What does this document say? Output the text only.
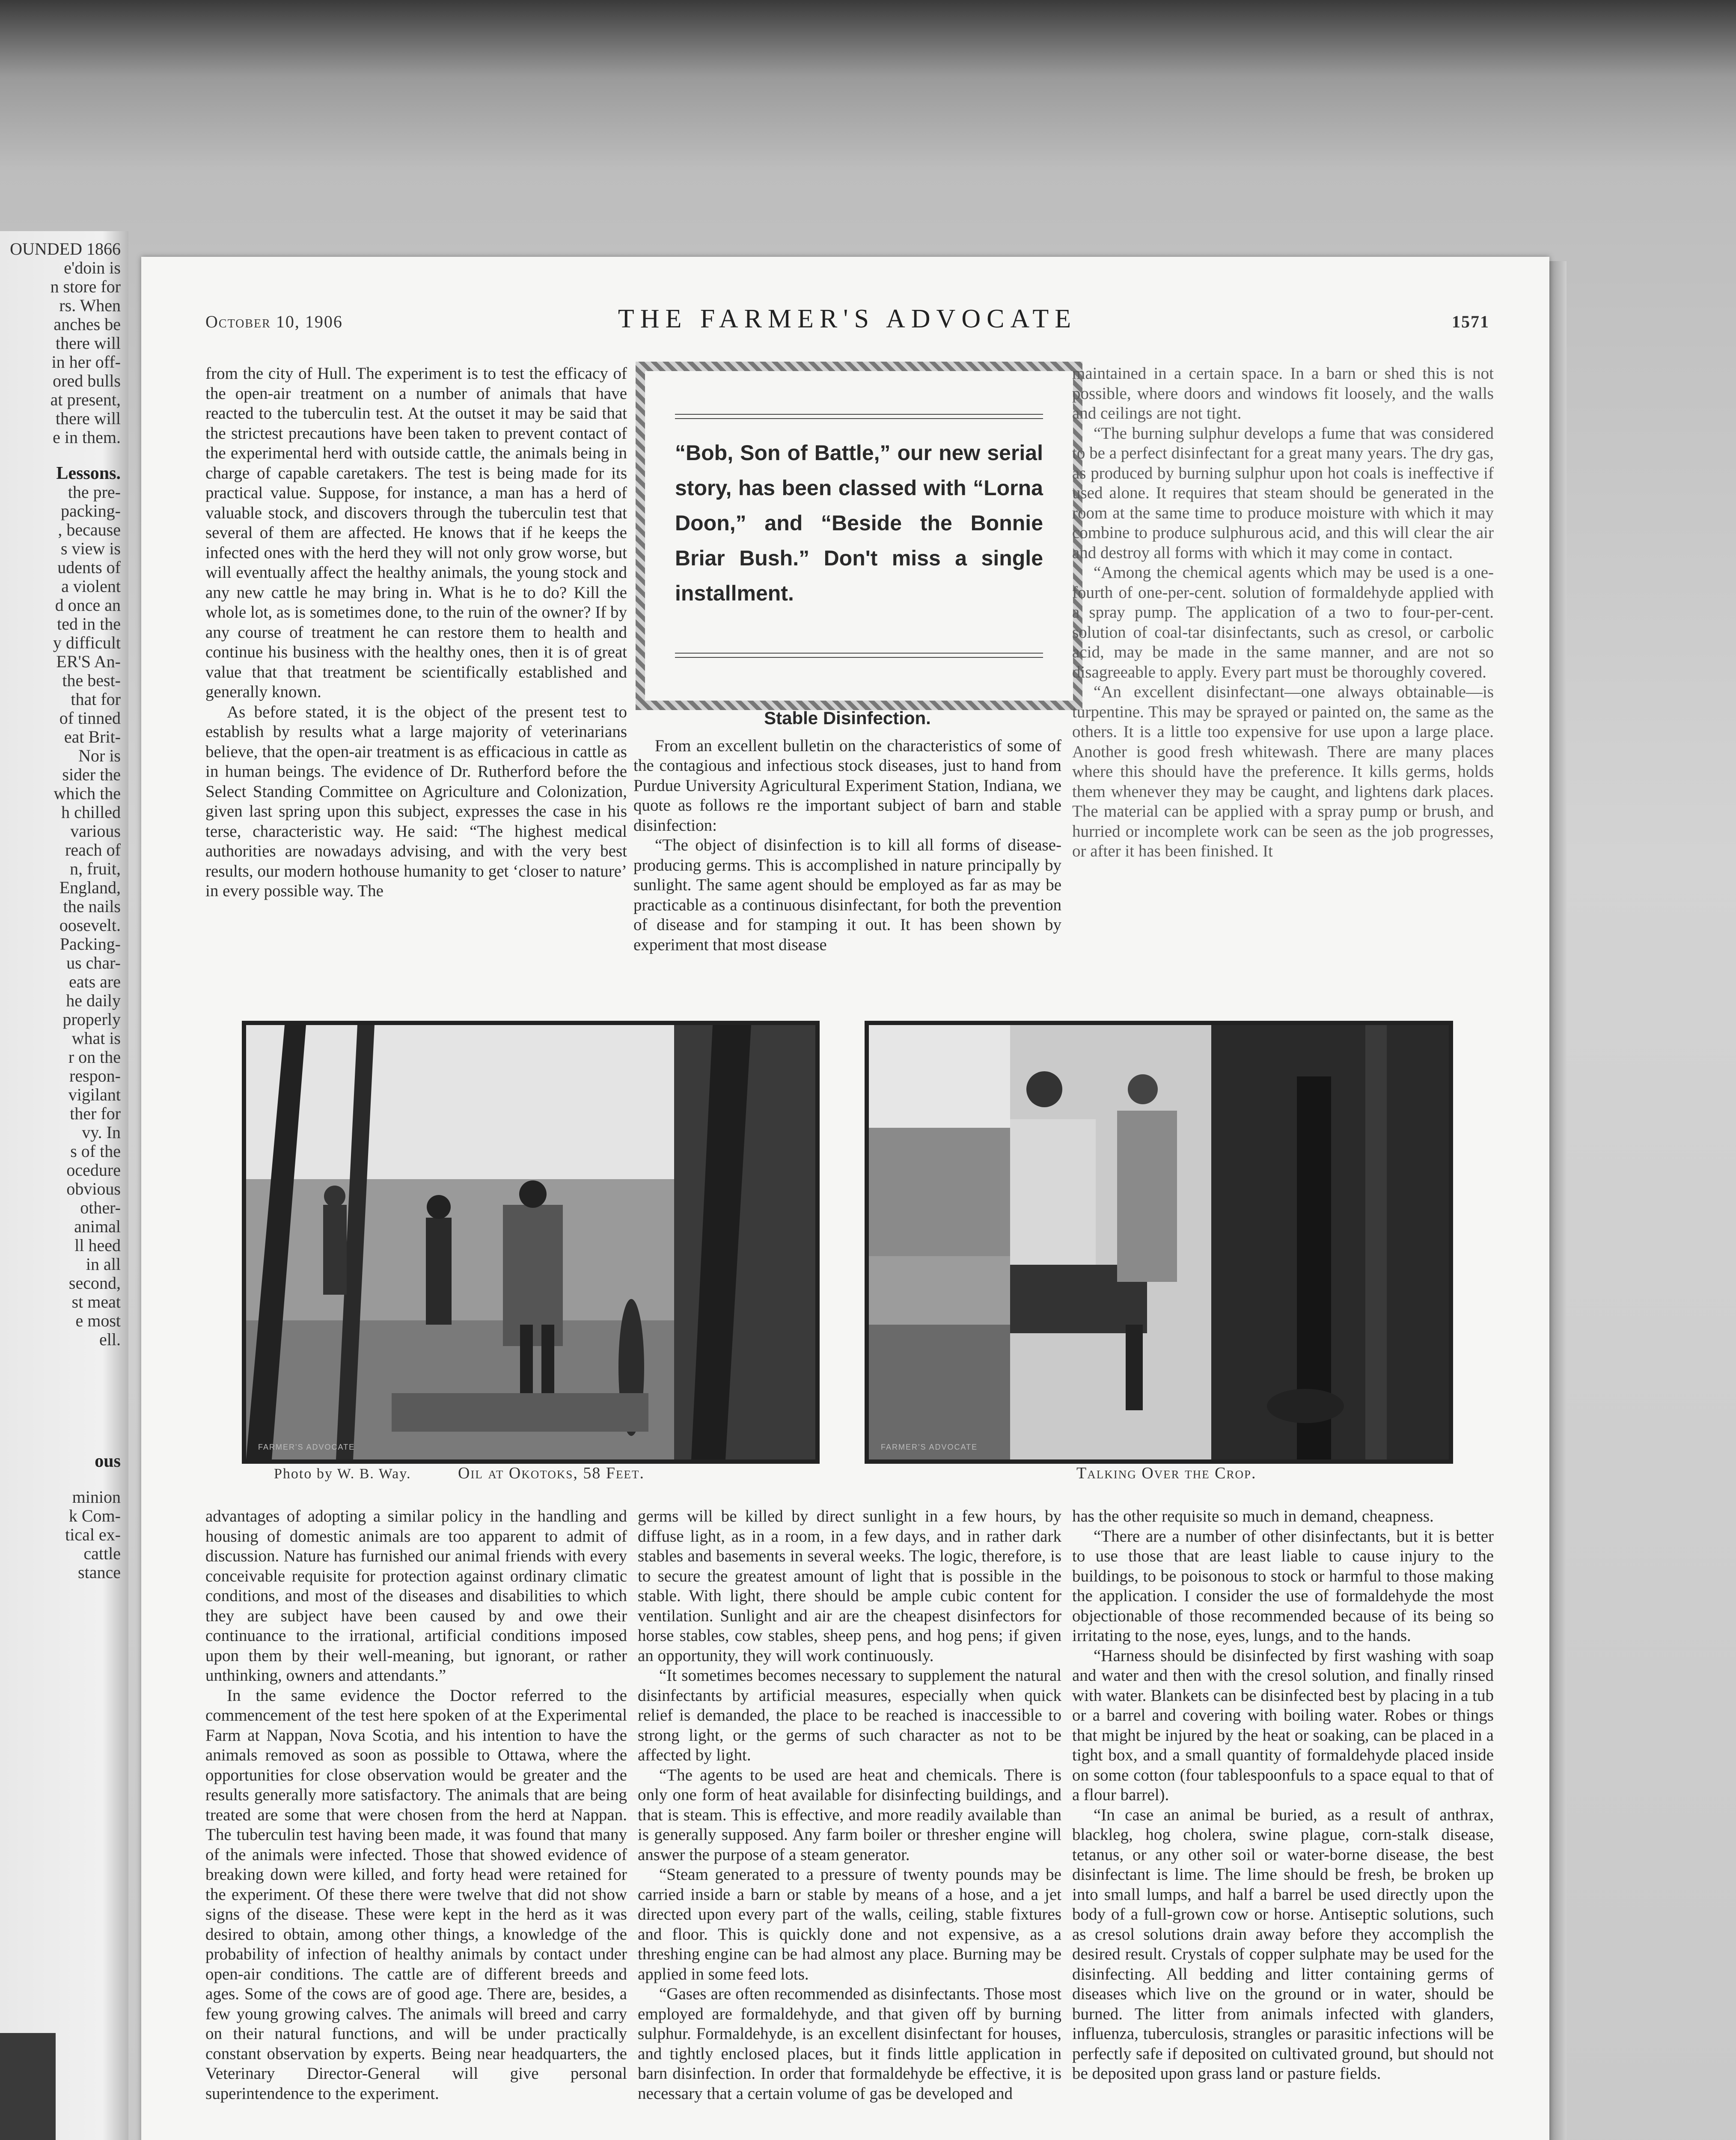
OUNDED 1866
e'doin is
n store for
rs. When
anches be
there will
in her off-
ored bulls
at present,
there will
e in them.
Lessons.
the pre-
packing-
, because
s view is
udents of
a violent
d once an
ted in the
y difficult
ER'S An-
the best-
that for
of tinned
eat Brit-
Nor is
sider the
which the
h chilled
various
reach of
n, fruit,
England,
the nails
oosevelt.
Packing-
us char-
eats are
he daily
properly
what is
r on the
respon-
vigilant
ther for
vy. In
s of the
ocedure
obvious
other-
animal
ll heed
in all
second,
st meat
e most
ell.
ous
minion
k Com-
tical ex-
cattle
stance
October 10, 1906	THE FARMER'S ADVOCATE	1571

from the city of Hull. The experiment is to test the efficacy of the open-air treatment on a number of animals that have reacted to the tuberculin test. At the outset it may be said that the strictest precautions have been taken to prevent contact of the experimental herd with outside cattle, the animals being in charge of capable caretakers. The test is being made for its practical value. Suppose, for instance, a man has a herd of valuable stock, and discovers through the tuberculin test that several of them are affected. He knows that if he keeps the infected ones with the herd they will not only grow worse, but will eventually affect the healthy animals, the young stock and any new cattle he may bring in. What is he to do? Kill the whole lot, as is sometimes done, to the ruin of the owner? If by any course of treatment he can restore them to health and continue his business with the healthy ones, then it is of great value that that treatment be scientifically established and generally known.

As before stated, it is the object of the present test to establish by results what a large majority of veterinarians believe, that the open-air treatment is as efficacious in cattle as in human beings. The evidence of Dr. Rutherford before the Select Standing Committee on Agriculture and Colonization, given last spring upon this subject, expresses the case in his terse, characteristic way. He said: “The highest medical authorities are nowadays advising, and with the very best results, our modern hothouse humanity to get ‘closer to nature’ in every possible way. The

“Bob, Son of Battle,” our new serial story, has been classed with “Lorna Doon,” and “Beside the Bonnie Briar Bush.” Don't miss a single installment.
Stable Disinfection.

From an excellent bulletin on the characteristics of some of the contagious and infectious stock diseases, just to hand from Purdue University Agricultural Experiment Station, Indiana, we quote as follows re the important subject of barn and stable disinfection:

“The object of disinfection is to kill all forms of disease-producing germs. This is accomplished in nature principally by sunlight. The same agent should be employed as far as may be practicable as a continuous disinfectant, for both the prevention of disease and for stamping it out. It has been shown by experiment that most disease

maintained in a certain space. In a barn or shed this is not possible, where doors and windows fit loosely, and the walls and ceilings are not tight.

“The burning sulphur develops a fume that was considered to be a perfect disinfectant for a great many years. The dry gas, as produced by burning sulphur upon hot coals is ineffective if used alone. It requires that steam should be generated in the room at the same time to produce moisture with which it may combine to produce sulphurous acid, and this will clear the air and destroy all forms with which it may come in contact.

“Among the chemical agents which may be used is a one-fourth of one-per-cent. solution of formaldehyde applied with a spray pump. The application of a two to four-per-cent. solution of coal-tar disinfectants, such as cresol, or carbolic acid, may be made in the same manner, and are not so disagreeable to apply. Every part must be thoroughly covered.

“An excellent disinfectant—one always obtainable—is turpentine. This may be sprayed or painted on, the same as the others. It is a little too expensive for use upon a large place. Another is good fresh whitewash. There are many places where this should have the preference. It kills germs, holds them whenever they may be caught, and lightens dark places. The material can be applied with a spray pump or brush, and hurried or incomplete work can be seen as the job progresses, or after it has been finished. It

FARMER'S ADVOCATE	FARMER'S ADVOCATE
Photo by W. B. Way.	Oil at Okotoks, 58 Feet.	Talking Over the Crop.

advantages of adopting a similar policy in the handling and housing of domestic animals are too apparent to admit of discussion. Nature has furnished our animal friends with every conceivable requisite for protection against ordinary climatic conditions, and most of the diseases and disabilities to which they are subject have been caused by and owe their continuance to the irrational, artificial conditions imposed upon them by their well-meaning, but ignorant, or rather unthinking, owners and attendants.”

In the same evidence the Doctor referred to the commencement of the test here spoken of at the Experimental Farm at Nappan, Nova Scotia, and his intention to have the animals removed as soon as possible to Ottawa, where the opportunities for close observation would be greater and the results generally more satisfactory. The animals that are being treated are some that were chosen from the herd at Nappan. The tuberculin test having been made, it was found that many of the animals were infected. Those that showed evidence of breaking down were killed, and forty head were retained for the experiment. Of these there were twelve that did not show signs of the disease. These were kept in the herd as it was desired to obtain, among other things, a knowledge of the probability of infection of healthy animals by contact under open-air conditions. The cattle are of different breeds and ages. Some of the cows are of good age. There are, besides, a few young growing calves. The animals will breed and carry on their natural functions, and will be under practically constant observation by experts. Being near headquarters, the Veterinary Director-General will give personal superintendence to the experiment.

germs will be killed by direct sunlight in a few hours, by diffuse light, as in a room, in a few days, and in rather dark stables and basements in several weeks. The logic, therefore, is to secure the greatest amount of light that is possible in the stable. With light, there should be ample cubic content for ventilation. Sunlight and air are the cheapest disinfectors for horse stables, cow stables, sheep pens, and hog pens; if given an opportunity, they will work continuously.

“It sometimes becomes necessary to supplement the natural disinfectants by artificial measures, especially when quick relief is demanded, the place to be reached is inaccessible to strong light, or the germs of such character as not to be affected by light.

“The agents to be used are heat and chemicals. There is only one form of heat available for disinfecting buildings, and that is steam. This is effective, and more readily available than is generally supposed. Any farm boiler or thresher engine will answer the purpose of a steam generator.

“Steam generated to a pressure of twenty pounds may be carried inside a barn or stable by means of a hose, and a jet directed upon every part of the walls, ceiling, stable fixtures and floor. This is quickly done and not expensive, as a threshing engine can be had almost any place. Burning may be applied in some feed lots.

“Gases are often recommended as disinfectants. Those most employed are formaldehyde, and that given off by burning sulphur. Formaldehyde, is an excellent disinfectant for houses, and tightly enclosed places, but it finds little application in barn disinfection. In order that formaldehyde be effective, it is necessary that a certain volume of gas be developed and

has the other requisite so much in demand, cheapness.

“There are a number of other disinfectants, but it is better to use those that are least liable to cause injury to the buildings, to be poisonous to stock or harmful to those making the application. I consider the use of formaldehyde the most objectionable of those recommended because of its being so irritating to the nose, eyes, lungs, and to the hands.

“Harness should be disinfected by first washing with soap and water and then with the cresol solution, and finally rinsed with water. Blankets can be disinfected best by placing in a tub or a barrel and covering with boiling water. Robes or things that might be injured by the heat or soaking, can be placed in a tight box, and a small quantity of formaldehyde placed inside on some cotton (four tablespoonfuls to a space equal to that of a flour barrel).

“In case an animal be buried, as a result of anthrax, blackleg, hog cholera, swine plague, corn-stalk disease, tetanus, or any other soil or water-borne disease, the best disinfectant is lime. The lime should be fresh, be broken up into small lumps, and half a barrel be used directly upon the body of a full-grown cow or horse. Antiseptic solutions, such as cresol solutions drain away before they accomplish the desired result. Crystals of copper sulphate may be used for the disinfecting. All bedding and litter containing germs of diseases which live on the ground or in water, should be burned. The litter from animals infected with glanders, influenza, tuberculosis, strangles or parasitic infections will be perfectly safe if deposited on cultivated ground, but should not be deposited upon grass land or pasture fields.
